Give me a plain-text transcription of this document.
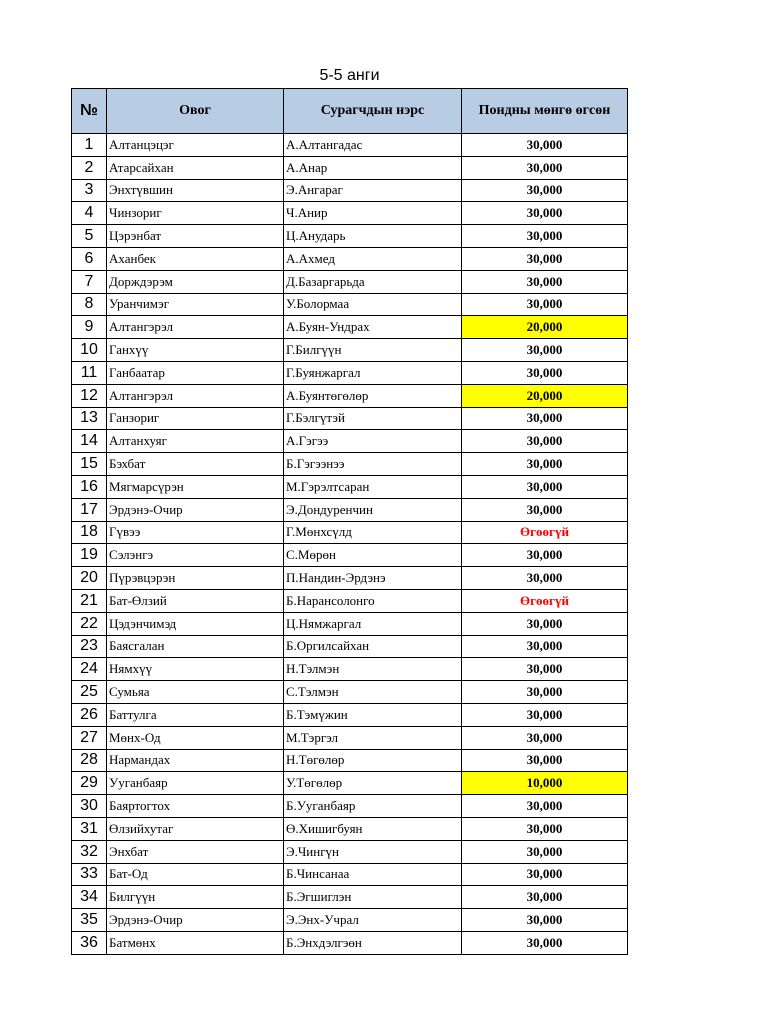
5-5 анги
№	Овог	Сурагчдын нэрс	Пондны мөнгө өгсөн
1	Алтанцэцэг	А.Алтангадас	30,000
2	Атарсайхан	А.Анар	30,000
3	Энхтүвшин	Э.Ангараг	30,000
4	Чинзориг	Ч.Анир	30,000
5	Цэрэнбат	Ц.Анударь	30,000
6	Аханбек	А.Ахмед	30,000
7	Дорждэрэм	Д.Базаргарьда	30,000
8	Уранчимэг	У.Болормаа	30,000
9	Алтангэрэл	А.Буян-Ундрах	20,000
10	Ганхүү	Г.Билгүүн	30,000
11	Ганбаатар	Г.Буянжаргал	30,000
12	Алтангэрэл	А.Буянтөгөлөр	20,000
13	Ганзориг	Г.Бэлгүтэй	30,000
14	Алтанхуяг	А.Гэгээ	30,000
15	Бэхбат	Б.Гэгээнээ	30,000
16	Мягмарсүрэн	М.Гэрэлтсаран	30,000
17	Эрдэнэ-Очир	Э.Дондуренчин	30,000
18	Гүвээ	Г.Мөнхсүлд	Өгөөгүй
19	Сэлэнгэ	С.Мөрөн	30,000
20	Пүрэвцэрэн	П.Нандин-Эрдэнэ	30,000
21	Бат-Өлзий	Б.Нарансолонго	Өгөөгүй
22	Цэдэнчимэд	Ц.Нямжаргал	30,000
23	Баясгалан	Б.Оргилсайхан	30,000
24	Нямхүү	Н.Тэлмэн	30,000
25	Сумьяа	С.Тэлмэн	30,000
26	Баттулга	Б.Тэмүжин	30,000
27	Мөнх-Од	М.Тэргэл	30,000
28	Нармандах	Н.Төгөлөр	30,000
29	Ууганбаяр	У.Төгөлөр	10,000
30	Баяртогтох	Б.Ууганбаяр	30,000
31	Өлзийхутаг	Ө.Хишигбуян	30,000
32	Энхбат	Э.Чингүн	30,000
33	Бат-Од	Б.Чинсанаа	30,000
34	Билгүүн	Б.Эгшиглэн	30,000
35	Эрдэнэ-Очир	Э.Энх-Учрал	30,000
36	Батмөнх	Б.Энхдэлгэөн	30,000
